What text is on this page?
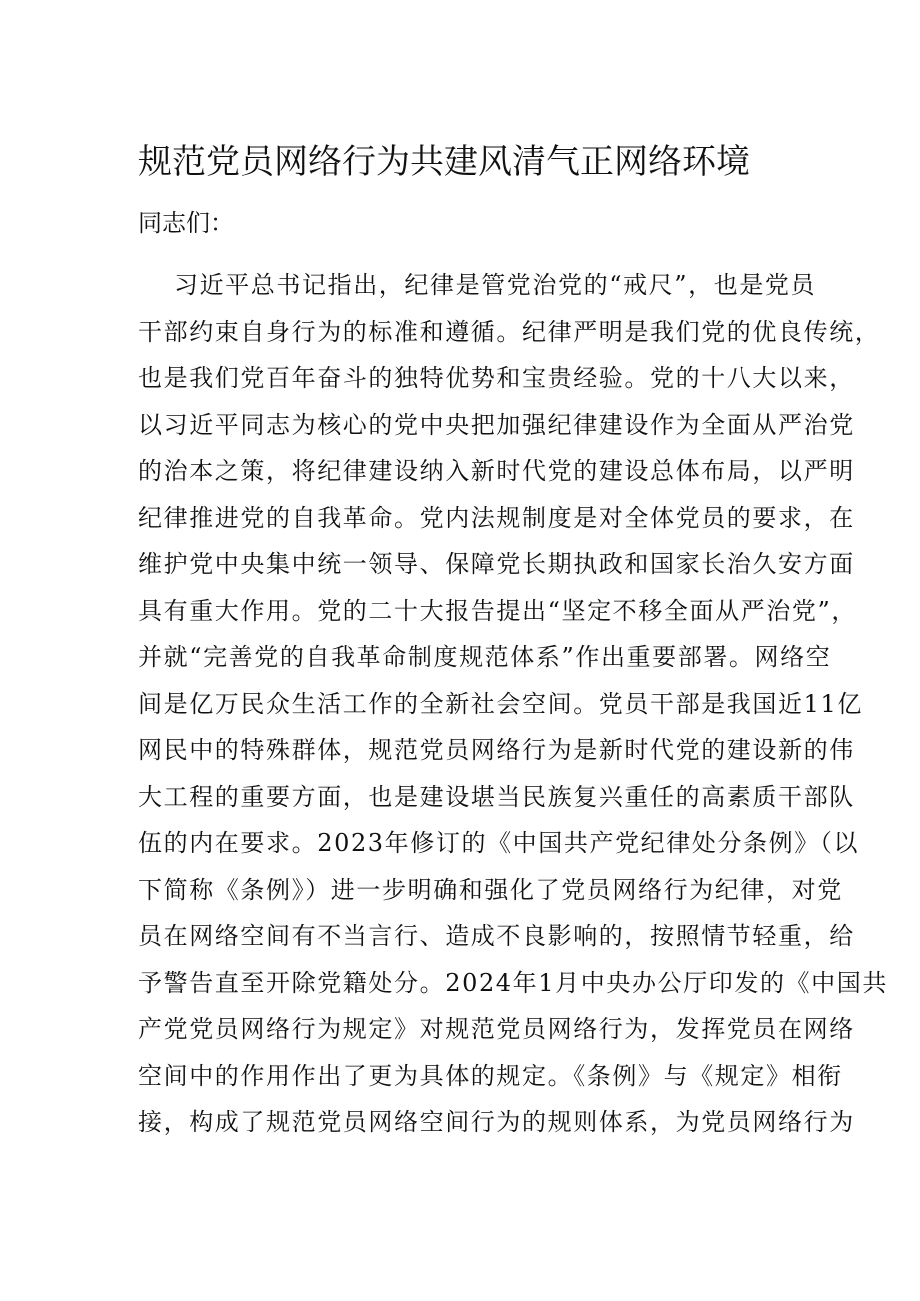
规范党员网络行为共建风清气正网络环境

同志们：

习近平总书记指出，纪律是管党治党的“戒尺”，也是党员
干部约束自身行为的标准和遵循。纪律严明是我们党的优良传统，
也是我们党百年奋斗的独特优势和宝贵经验。党的十八大以来，
以习近平同志为核心的党中央把加强纪律建设作为全面从严治党
的治本之策，将纪律建设纳入新时代党的建设总体布局，以严明
纪律推进党的自我革命。党内法规制度是对全体党员的要求，在
维护党中央集中统一领导、保障党长期执政和国家长治久安方面
具有重大作用。党的二十大报告提出“坚定不移全面从严治党”，
并就“完善党的自我革命制度规范体系”作出重要部署。网络空
间是亿万民众生活工作的全新社会空间。党员干部是我国近11亿
网民中的特殊群体，规范党员网络行为是新时代党的建设新的伟
大工程的重要方面，也是建设堪当民族复兴重任的高素质干部队
伍的内在要求。2023年修订的《中国共产党纪律处分条例》（以
下简称《条例》）进一步明确和强化了党员网络行为纪律，对党
员在网络空间有不当言行、造成不良影响的，按照情节轻重，给
予警告直至开除党籍处分。2024年1月中央办公厅印发的《中国共
产党党员网络行为规定》对规范党员网络行为，发挥党员在网络
空间中的作用作出了更为具体的规定。《条例》与《规定》相衔
接，构成了规范党员网络空间行为的规则体系，为党员网络行为
